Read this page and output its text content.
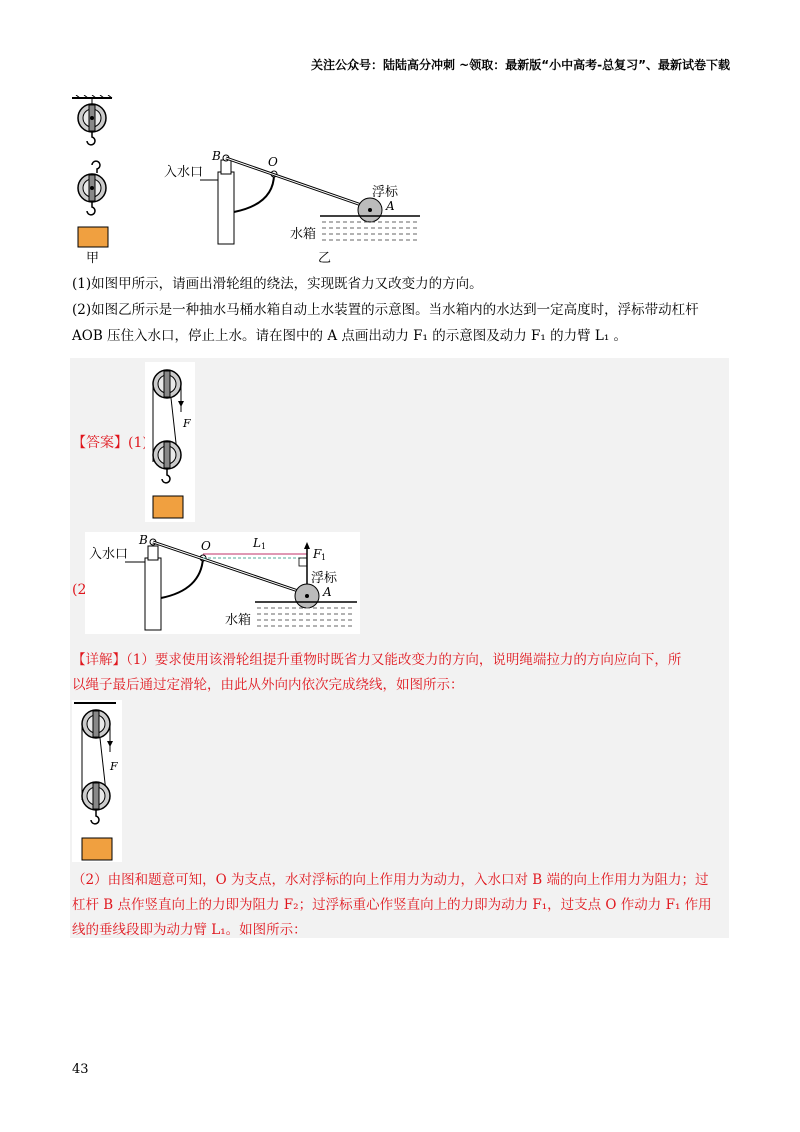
关注公众号：陆陆高分冲刺 ~领取：最新版“小中高考-总复习”、最新试卷下载
甲
入水口
B	O
浮标
A
水箱
乙
(1)如图甲所示，请画出滑轮组的绕法，实现既省力又改变力的方向。
(2)如图乙所示是一种抽水马桶水箱自动上水装置的示意图。当水箱内的水达到一定高度时，浮标带动杠杆
AOB 压住入水口，停止上水。请在图中的 A 点画出动力 F₁ 的示意图及动力 F₁ 的力臂 L₁ 。
【答案】(1)
F
(2)
入水口
B	O	L 1
F 1
浮标
A
水箱
【详解】（1）要求使用该滑轮组提升重物时既省力又能改变力的方向，说明绳端拉力的方向应向下，所
以绳子最后通过定滑轮，由此从外向内依次完成绕线，如图所示：
F
（2）由图和题意可知，O 为支点，水对浮标的向上作用力为动力，入水口对 B 端的向上作用力为阻力；过
杠杆 B 点作竖直向上的力即为阻力 F₂；过浮标重心作竖直向上的力即为动力 F₁，过支点 O 作动力 F₁ 作用
线的垂线段即为动力臂 L₁。如图所示：
43
